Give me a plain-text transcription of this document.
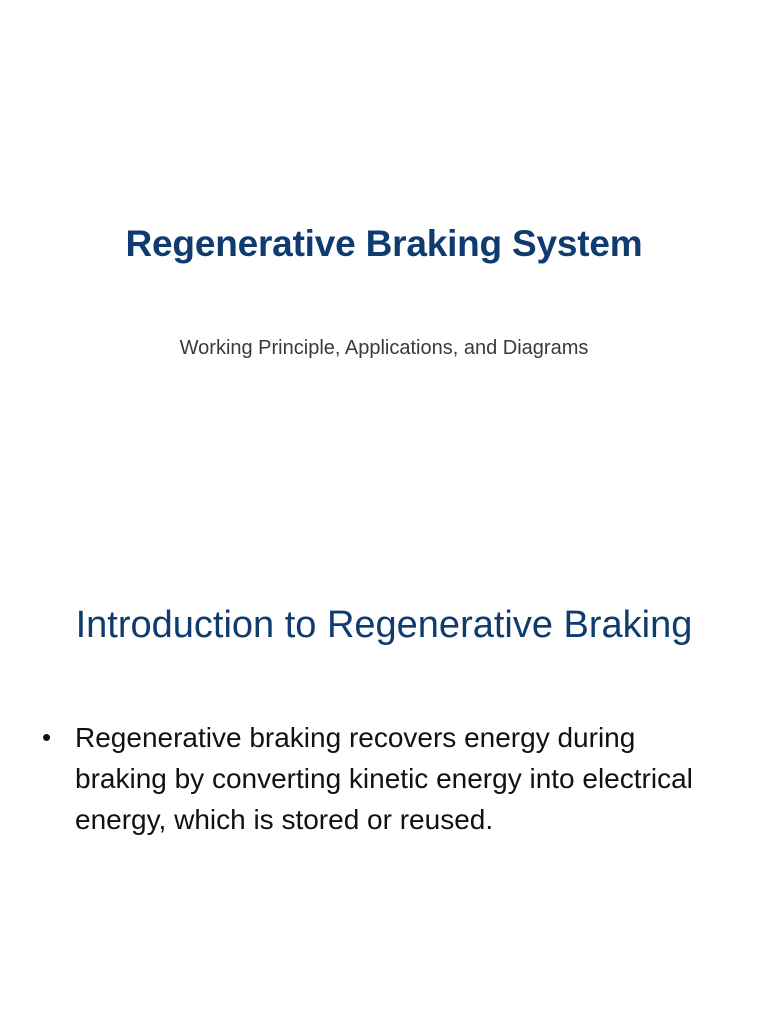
Regenerative Braking System
Working Principle, Applications, and Diagrams
Introduction to Regenerative Braking
• Regenerative braking recovers energy during braking by converting kinetic energy into electrical energy, which is stored or reused.
